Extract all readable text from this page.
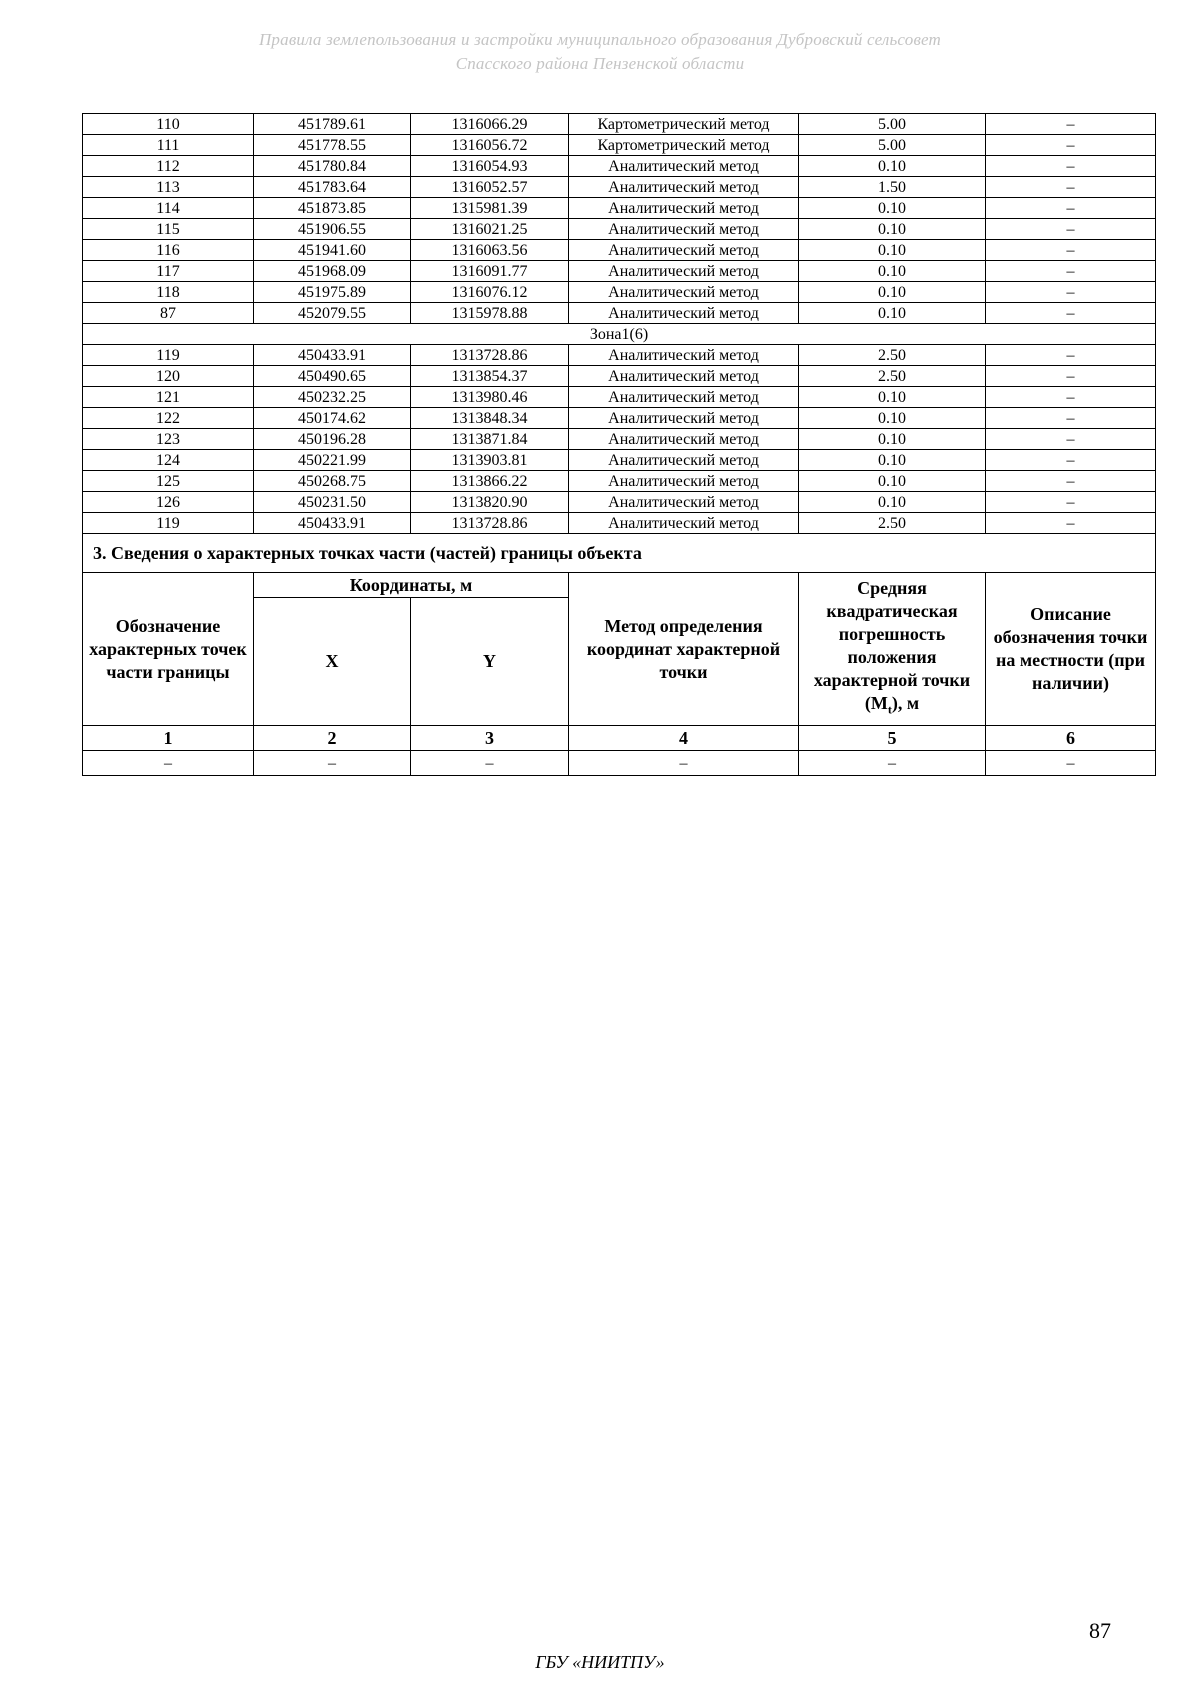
Правила землепользования и застройки муниципального образования Дубровский сельсовет
Спасского района Пензенской области
110	451789.61	1316066.29	Картометрический метод	5.00	–
111	451778.55	1316056.72	Картометрический метод	5.00	–
112	451780.84	1316054.93	Аналитический метод	0.10	–
113	451783.64	1316052.57	Аналитический метод	1.50	–
114	451873.85	1315981.39	Аналитический метод	0.10	–
115	451906.55	1316021.25	Аналитический метод	0.10	–
116	451941.60	1316063.56	Аналитический метод	0.10	–
117	451968.09	1316091.77	Аналитический метод	0.10	–
118	451975.89	1316076.12	Аналитический метод	0.10	–
87	452079.55	1315978.88	Аналитический метод	0.10	–
Зона1(6)					
119	450433.91	1313728.86	Аналитический метод	2.50	–
120	450490.65	1313854.37	Аналитический метод	2.50	–
121	450232.25	1313980.46	Аналитический метод	0.10	–
122	450174.62	1313848.34	Аналитический метод	0.10	–
123	450196.28	1313871.84	Аналитический метод	0.10	–
124	450221.99	1313903.81	Аналитический метод	0.10	–
125	450268.75	1313866.22	Аналитический метод	0.10	–
126	450231.50	1313820.90	Аналитический метод	0.10	–
119	450433.91	1313728.86	Аналитический метод	2.50	–
3. Сведения о характерных точках части (частей) границы объекта					
Обозначение характерных точек части границы	Координаты, м		Метод определения координат характерной точки	Средняя квадратическая погрешность положения характерной точки $(M_t)$, м	Описание обозначения точки на местности (при наличии)
	X	Y			
1	2	3	4	5	6
–	–	–	–	–	–
87
ГБУ «НИИТПУ»
